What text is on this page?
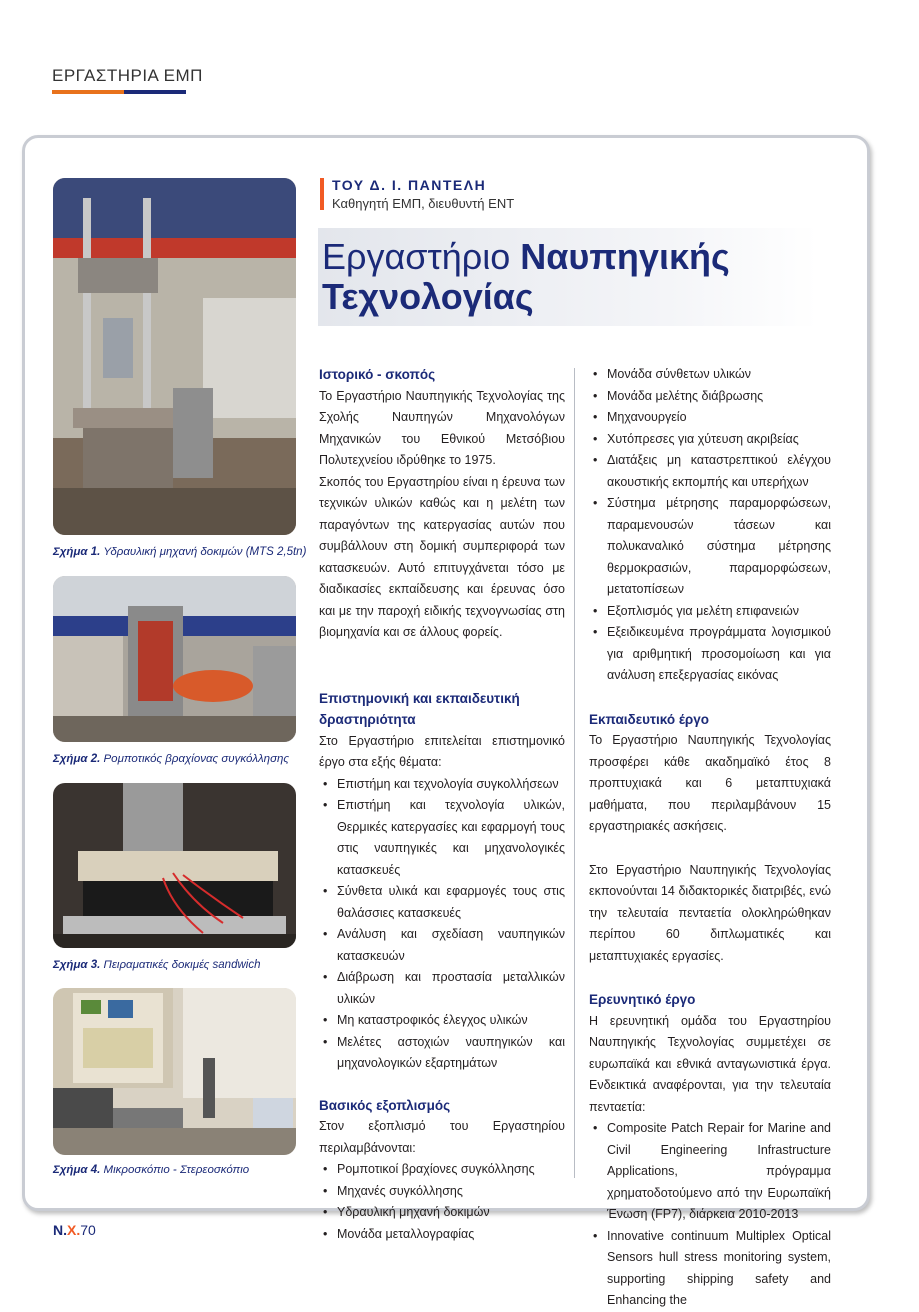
ΕΡΓΑΣΤΗΡΙΑ ΕΜΠ
Σχήμα 1. Υδραυλική μηχανή δοκιμών (MTS 2,5tn)
Σχήμα 2. Ρομποτικός βραχίονας συγκόλλησης
Σχήμα 3. Πειραματικές δοκιμές sandwich
Σχήμα 4. Μικροσκόπιο - Στερεοσκόπιο
ΤΟΥ Δ. Ι. ΠΑΝΤΕΛΗ
Καθηγητή ΕΜΠ, διευθυντή ΕΝΤ
Εργαστήριο Ναυπηγικής
Τεχνολογίας
Ιστορικό - σκοπός

Το Εργαστήριο Ναυπηγικής Τεχνολογίας της Σχολής Ναυπηγών Μηχανολόγων Μηχανικών του Εθνικού Μετσόβιου Πολυτεχνείου ιδρύθηκε το 1975.

Σκοπός του Εργαστηρίου είναι η έρευνα των τεχνικών υλικών καθώς και η μελέτη των παραγόντων της κατεργασίας αυτών που συμβάλλουν στη δομική συμπεριφορά των κατασκευών. Αυτό επιτυγχάνεται τόσο με διαδικασίες εκπαίδευσης και έρευνας όσο και με την παροχή ειδικής τεχνογνωσίας στη βιομηχανία και σε άλλους φορείς.

Επιστημονική και εκπαιδευτική δραστηριότητα

Στο Εργαστήριο επιτελείται επιστημονικό έργο στα εξής θέματα:

• Επιστήμη και τεχνολογία συγκολλήσεων
• Επιστήμη και τεχνολογία υλικών, Θερμικές κατεργασίες και εφαρμογή τους στις ναυπηγικές και μηχανολογικές κατασκευές
• Σύνθετα υλικά και εφαρμογές τους στις θαλάσσιες κατασκευές
• Ανάλυση και σχεδίαση ναυπηγικών κατασκευών
• Διάβρωση και προστασία μεταλλικών υλικών
• Μη καταστροφικός έλεγχος υλικών
• Μελέτες αστοχιών ναυπηγικών και μηχανολογικών εξαρτημάτων
Βασικός εξοπλισμός

Στον εξοπλισμό του Εργαστηρίου περιλαμβάνονται:

• Ρομποτικοί βραχίονες συγκόλλησης
• Μηχανές συγκόλλησης
• Υδραυλική μηχανή δοκιμών
• Μονάδα μεταλλογραφίας
• Μονάδα σύνθετων υλικών
• Μονάδα μελέτης διάβρωσης
• Μηχανουργείο
• Χυτόπρεσες για χύτευση ακριβείας
• Διατάξεις μη καταστρεπτικού ελέγχου ακουστικής εκπομπής και υπερήχων
• Σύστημα μέτρησης παραμορφώσεων, παραμενουσών τάσεων και πολυκαναλικό σύστημα μέτρησης θερμοκρασιών, παραμορφώσεων, μετατοπίσεων
• Εξοπλισμός για μελέτη επιφανειών
• Εξειδικευμένα προγράμματα λογισμικού για αριθμητική προσομοίωση και για ανάλυση επεξεργασίας εικόνας
Εκπαιδευτικό έργο

Το Εργαστήριο Ναυπηγικής Τεχνολογίας προσφέρει κάθε ακαδημαϊκό έτος 8 προπτυχιακά και 6 μεταπτυχιακά μαθήματα, που περιλαμβάνουν 15 εργαστηριακές ασκήσεις.

Στο Εργαστήριο Ναυπηγικής Τεχνολογίας εκπονούνται 14 διδακτορικές διατριβές, ενώ την τελευταία πενταετία ολοκληρώθηκαν περίπου 60 διπλωματικές και μεταπτυχιακές εργασίες.

Ερευνητικό έργο

Η ερευνητική ομάδα του Εργαστηρίου Ναυπηγικής Τεχνολογίας συμμετέχει σε ευρωπαϊκά και εθνικά ανταγωνιστικά έργα. Ενδεικτικά αναφέρονται, για την τελευταία πενταετία:

• Composite Patch Repair for Marine and Civil Engineering Infrastructure Applications, πρόγραμμα χρηματοδοτούμενο από την Ευρωπαϊκή Ένωση (FP7), διάρκεια 2010-2013
• Innovative continuum Multiplex Optical Sensors hull stress monitoring system, supporting shipping safety and Enhancing the
N.X.70
